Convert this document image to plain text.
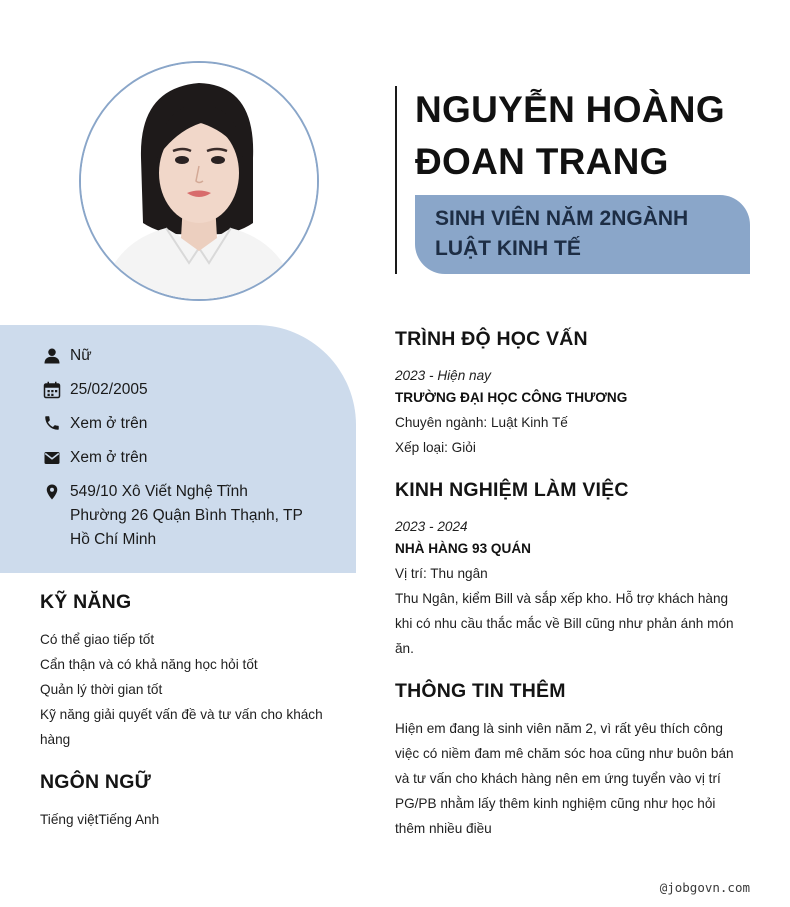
NGUYỄN HOÀNG
ĐOAN TRANG
SINH VIÊN NĂM 2NGÀNH
LUẬT KINH TẾ
Nữ
25/02/2005
Xem ở trên
Xem ở trên
549/10 Xô Viết Nghệ Tĩnh
Phường 26 Quận Bình Thạnh, TP
Hồ Chí Minh
KỸ NĂNG
Có thể giao tiếp tốt
Cẩn thận và có khả năng học hỏi tốt
Quản lý thời gian tốt
Kỹ năng giải quyết vấn đề và tư vấn cho khách
hàng
NGÔN NGỮ
Tiếng việtTiếng Anh
TRÌNH ĐỘ HỌC VẤN
2023 - Hiện nay
TRƯỜNG ĐẠI HỌC CÔNG THƯƠNG
Chuyên ngành: Luật Kinh Tế
Xếp loại: Giỏi
KINH NGHIỆM LÀM VIỆC
2023 - 2024
NHÀ HÀNG 93 QUÁN
Vị trí: Thu ngân
Thu Ngân, kiểm Bill và sắp xếp kho. Hỗ trợ khách hàng
khi có nhu cầu thắc mắc về Bill cũng như phản ánh món
ăn.
THÔNG TIN THÊM
Hiện em đang là sinh viên năm 2, vì rất yêu thích công
việc có niềm đam mê chăm sóc hoa cũng như buôn bán
và tư vấn cho khách hàng nên em ứng tuyển vào vị trí
PG/PB nhằm lấy thêm kinh nghiệm cũng như học hỏi
thêm nhiều điều
@jobgovn.com
